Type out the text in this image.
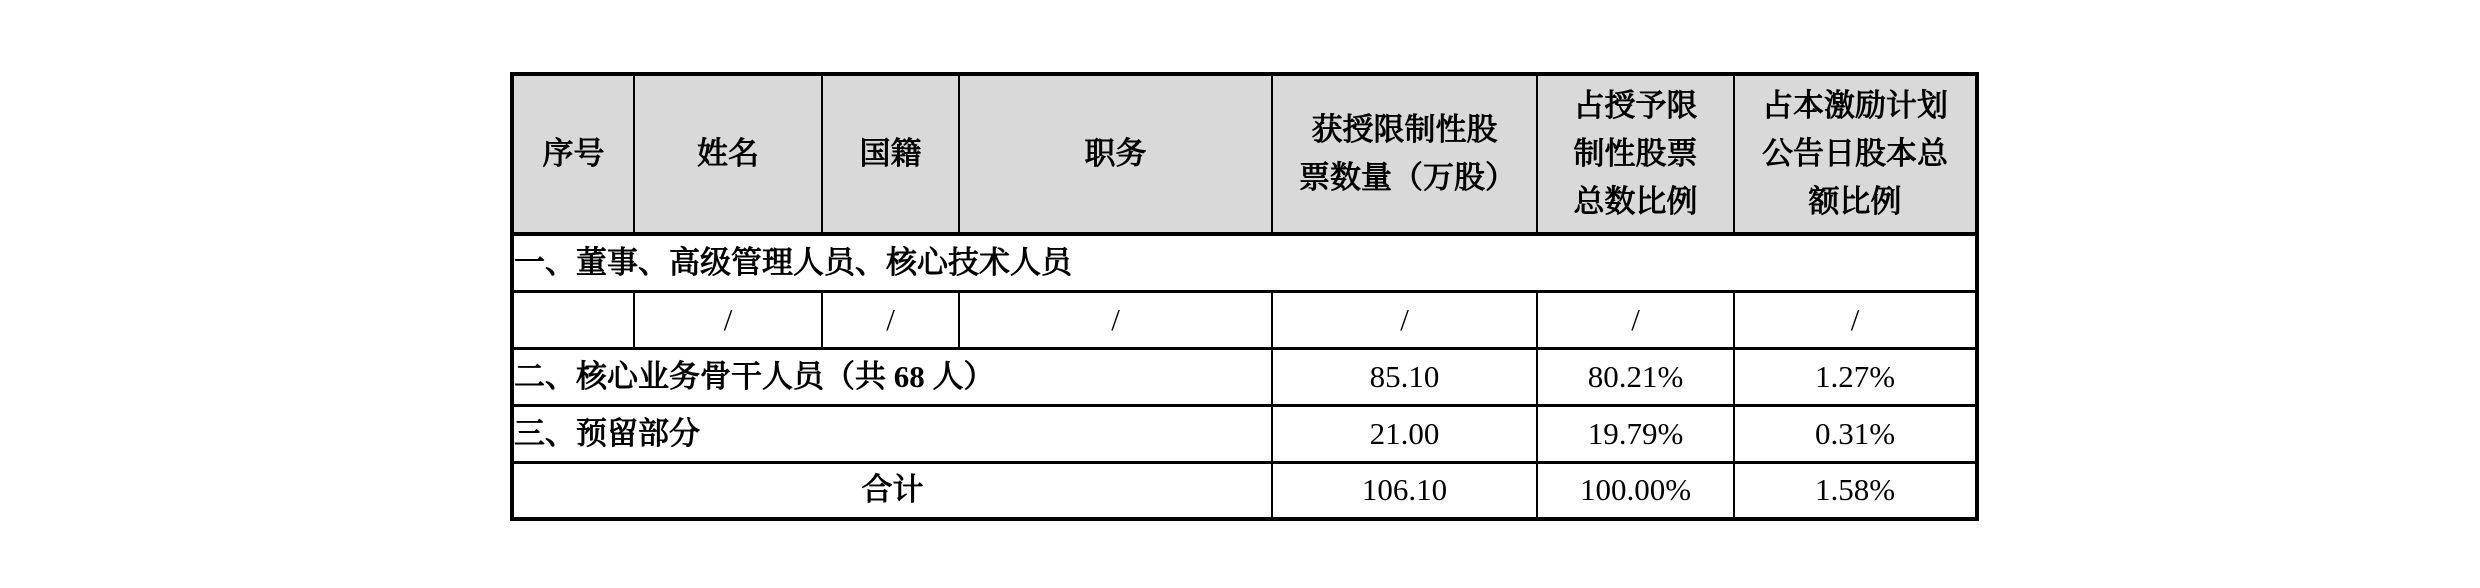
序号	姓名	国籍	职务	获授限制性股票数量（万股）	占授予限制性股票总数比例	占本激励计划公告日股本总额比例
一、董事、高级管理人员、核心技术人员						
	/	/	/	/	/	/
二、核心业务骨干人员（共 68 人）				85.10	80.21%	1.27%
三、预留部分				21.00	19.79%	0.31%
合计				106.10	100.00%	1.58%
